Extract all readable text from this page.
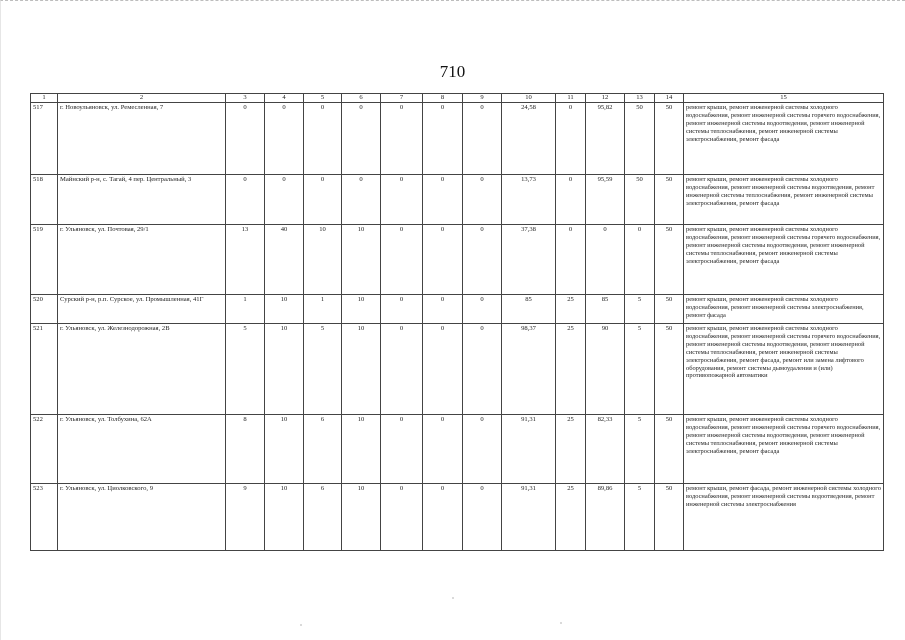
710
1	2	3	4	5	6	7	8	9	10	11	12	13	14	15
517	г. Новоульяновск, ул. Ремесленная, 7	0	0	0	0	0	0	0	24,58	0	95,82	50	50	ремонт крыши, ремонт инженерной системы холодного водоснабжения, ремонт инженерной системы горячего водоснабжения, ремонт инженерной системы водоотведения, ремонт инженерной системы теплоснабжения, ремонт инженерной системы электроснабжения, ремонт фасада
518	Майнский р-н, с. Тагай, 4 пер. Центральный, 3	0	0	0	0	0	0	0	13,73	0	95,59	50	50	ремонт крыши, ремонт инженерной системы холодного водоснабжения, ремонт инженерной системы водоотведения, ремонт инженерной системы теплоснабжения, ремонт инженерной системы электроснабжения, ремонт фасада
519	г. Ульяновск, ул. Почтовая, 29/1	13	40	10	10	0	0	0	37,38	0	0	0	50	ремонт крыши, ремонт инженерной системы холодного водоснабжения, ремонт инженерной системы горячего водоснабжения, ремонт инженерной системы водоотведения, ремонт инженерной системы теплоснабжения, ремонт инженерной системы электроснабжения, ремонт фасада
520	Сурский р-н, р.п. Сурское, ул. Промышленная, 41Г	1	10	1	10	0	0	0	85	25	85	5	50	ремонт крыши, ремонт инженерной системы холодного водоснабжения, ремонт инженерной системы электроснабжения, ремонт фасада
521	г. Ульяновск, ул. Железнодорожная, 2В	5	10	5	10	0	0	0	98,37	25	90	5	50	ремонт крыши, ремонт инженерной системы холодного водоснабжения, ремонт инженерной системы горячего водоснабжения, ремонт инженерной системы водоотведения, ремонт инженерной системы теплоснабжения, ремонт инженерной системы электроснабжения, ремонт фасада, ремонт или замена лифтового оборудования, ремонт системы дымоудаления и (или) противопожарной автоматики
522	г. Ульяновск, ул. Толбухина, 62А	8	10	6	10	0	0	0	91,31	25	82,33	5	50	ремонт крыши, ремонт инженерной системы холодного водоснабжения, ремонт инженерной системы горячего водоснабжения, ремонт инженерной системы водоотведения, ремонт инженерной системы теплоснабжения, ремонт инженерной системы электроснабжения, ремонт фасада
523	г. Ульяновск, ул. Циолковского, 9	9	10	6	10	0	0	0	91,31	25	89,86	5	50	ремонт крыши, ремонт фасада, ремонт инженерной системы холодного водоснабжения, ремонт инженерной системы водоотведения, ремонт инженерной системы электроснабжения
